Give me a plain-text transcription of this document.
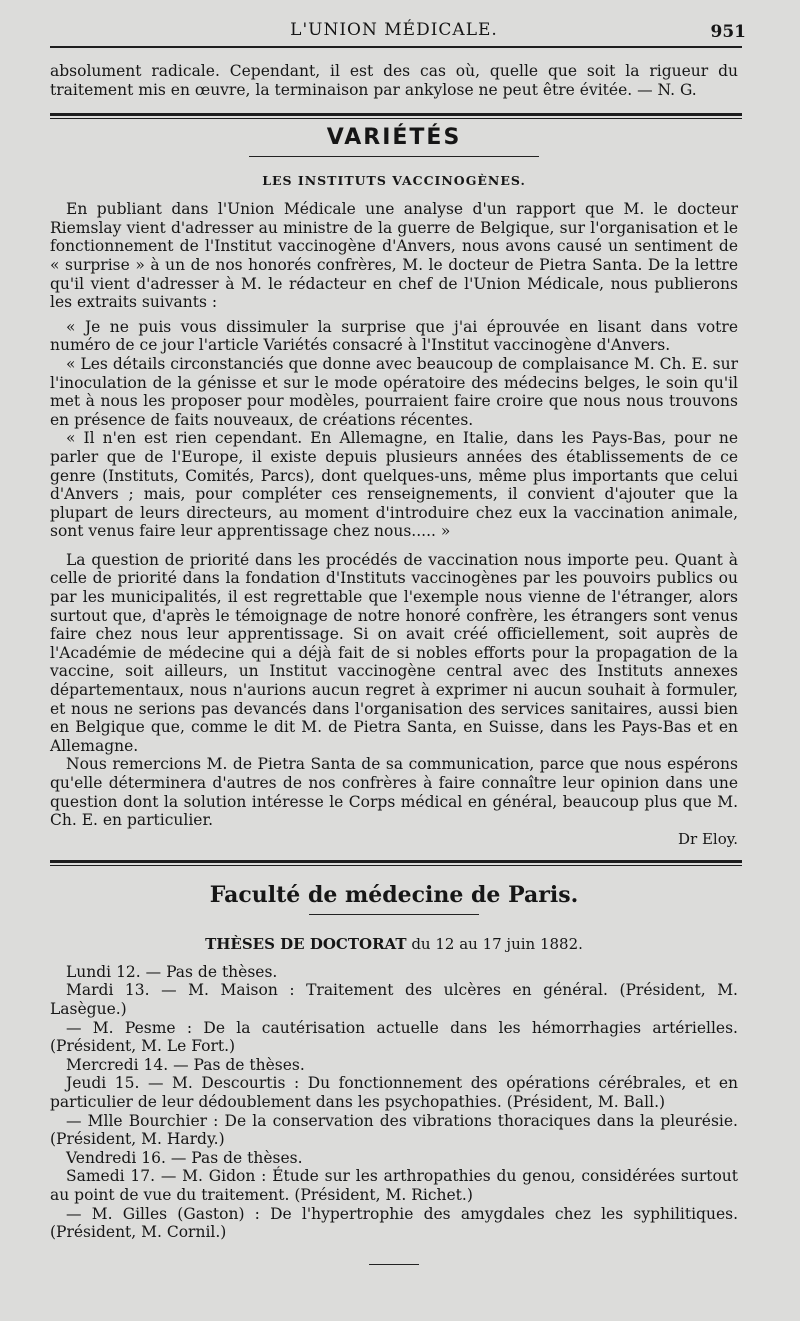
L'UNION MÉDICALE.	951

absolument radicale. Cependant, il est des cas où, quelle que soit la rigueur du traitement mis en œuvre, la terminaison par ankylose ne peut être évitée. — N. G.

VARIÉTÉS
LES INSTITUTS VACCINOGÈNES.

En publiant dans l'Union Médicale une analyse d'un rapport que M. le docteur Riemslay vient d'adresser au ministre de la guerre de Belgique, sur l'organisation et le fonctionnement de l'Institut vaccinogène d'Anvers, nous avons causé un sentiment de « surprise » à un de nos honorés confrères, M. le docteur de Pietra Santa. De la lettre qu'il vient d'adresser à M. le rédacteur en chef de l'Union Médicale, nous publierons les extraits suivants :

« Je ne puis vous dissimuler la surprise que j'ai éprouvée en lisant dans votre numéro de ce jour l'article Variétés consacré à l'Institut vaccinogène d'Anvers.

« Les détails circonstanciés que donne avec beaucoup de complaisance M. Ch. E. sur l'inoculation de la génisse et sur le mode opératoire des médecins belges, le soin qu'il met à nous les proposer pour modèles, pourraient faire croire que nous nous trouvons en présence de faits nouveaux, de créations récentes.

« Il n'en est rien cependant. En Allemagne, en Italie, dans les Pays-Bas, pour ne parler que de l'Europe, il existe depuis plusieurs années des établissements de ce genre (Instituts, Comités, Parcs), dont quelques-uns, même plus importants que celui d'Anvers ; mais, pour compléter ces renseignements, il convient d'ajouter que la plupart de leurs directeurs, au moment d'introduire chez eux la vaccination animale, sont venus faire leur apprentissage chez nous..... »

La question de priorité dans les procédés de vaccination nous importe peu. Quant à celle de priorité dans la fondation d'Instituts vaccinogènes par les pouvoirs publics ou par les municipalités, il est regrettable que l'exemple nous vienne de l'étranger, alors surtout que, d'après le témoignage de notre honoré confrère, les étrangers sont venus faire chez nous leur apprentissage. Si on avait créé officiellement, soit auprès de l'Académie de médecine qui a déjà fait de si nobles efforts pour la propagation de la vaccine, soit ailleurs, un Institut vaccinogène central avec des Instituts annexes départementaux, nous n'aurions aucun regret à exprimer ni aucun souhait à formuler, et nous ne serions pas devancés dans l'organisation des services sanitaires, aussi bien en Belgique que, comme le dit M. de Pietra Santa, en Suisse, dans les Pays-Bas et en Allemagne.

Nous remercions M. de Pietra Santa de sa communication, parce que nous espérons qu'elle déterminera d'autres de nos confrères à faire connaître leur opinion dans une question dont la solution intéresse le Corps médical en général, beaucoup plus que M. Ch. E. en particulier.

Dr Eloy.
Faculté de médecine de Paris.
THÈSES DE DOCTORAT du 12 au 17 juin 1882.

Lundi 12. — Pas de thèses.

Mardi 13. — M. Maison : Traitement des ulcères en général. (Président, M. Lasègue.)

— M. Pesme : De la cautérisation actuelle dans les hémorrhagies artérielles. (Président, M. Le Fort.)

Mercredi 14. — Pas de thèses.

Jeudi 15. — M. Descourtis : Du fonctionnement des opérations cérébrales, et en particulier de leur dédoublement dans les psychopathies. (Président, M. Ball.)

— Mlle Bourchier : De la conservation des vibrations thoraciques dans la pleurésie. (Président, M. Hardy.)

Vendredi 16. — Pas de thèses.

Samedi 17. — M. Gidon : Étude sur les arthropathies du genou, considérées surtout au point de vue du traitement. (Président, M. Richet.)

— M. Gilles (Gaston) : De l'hypertrophie des amygdales chez les syphilitiques. (Président, M. Cornil.)
